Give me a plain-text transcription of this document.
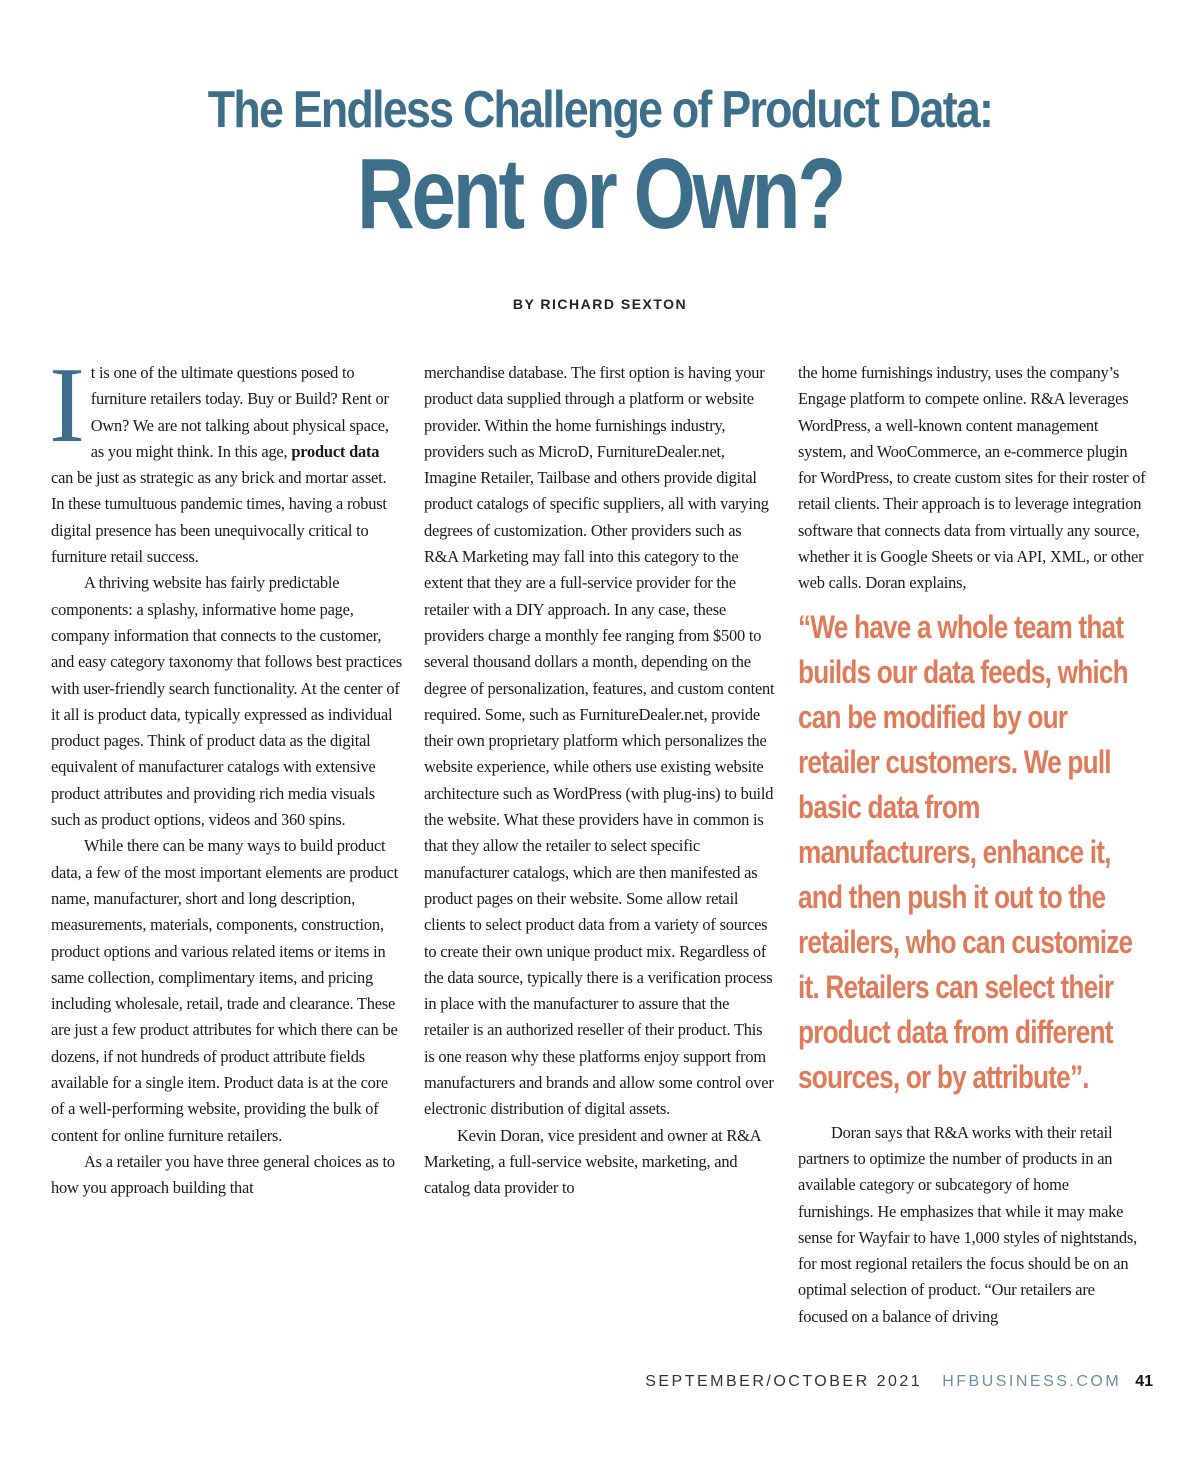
The Endless Challenge of Product Data:
Rent or Own?
BY RICHARD SEXTON

It is one of the ultimate questions posed to furniture retailers today. Buy or Build? Rent or Own? We are not talking about physical space, as you might think. In this age, product data can be just as strategic as any brick and mortar asset. In these tumultuous pandemic times, having a robust digital presence has been unequivocally critical to furniture retail success.

A thriving website has fairly predictable components: a splashy, informative home page, company information that connects to the customer, and easy category taxonomy that follows best practices with user-friendly search functionality. At the center of it all is product data, typically expressed as individual product pages. Think of product data as the digital equivalent of manufacturer catalogs with extensive product attributes and providing rich media visuals such as product options, videos and 360 spins.

While there can be many ways to build product data, a few of the most important elements are product name, manufacturer, short and long description, measurements, materials, components, construction, product options and various related items or items in same collection, complimentary items, and pricing including wholesale, retail, trade and clearance. These are just a few product attributes for which there can be dozens, if not hundreds of product attribute fields available for a single item. Product data is at the core of a well-performing website, providing the bulk of content for online furniture retailers.

As a retailer you have three general choices as to how you approach building that

merchandise database. The first option is having your product data supplied through a platform or website provider. Within the home furnishings industry, providers such as MicroD, FurnitureDealer.net, Imagine Retailer, Tailbase and others provide digital product catalogs of specific suppliers, all with varying degrees of customization. Other providers such as R&A Marketing may fall into this category to the extent that they are a full-service provider for the retailer with a DIY approach. In any case, these providers charge a monthly fee ranging from $500 to several thousand dollars a month, depending on the degree of personalization, features, and custom content required. Some, such as FurnitureDealer.net, provide their own proprietary platform which personalizes the website experience, while others use existing website architecture such as WordPress (with plug-ins) to build the website. What these providers have in common is that they allow the retailer to select specific manufacturer catalogs, which are then manifested as product pages on their website. Some allow retail clients to select product data from a variety of sources to create their own unique product mix. Regardless of the data source, typically there is a verification process in place with the manufacturer to assure that the retailer is an authorized reseller of their product. This is one reason why these platforms enjoy support from manufacturers and brands and allow some control over electronic distribution of digital assets.

Kevin Doran, vice president and owner at R&A Marketing, a full-service website, marketing, and catalog data provider to

the home furnishings industry, uses the company’s Engage platform to compete online. R&A leverages WordPress, a well-known content management system, and WooCommerce, an e-commerce plugin for WordPress, to create custom sites for their roster of retail clients. Their approach is to leverage integration software that connects data from virtually any source, whether it is Google Sheets or via API, XML, or other web calls. Doran explains,

“We have a whole team that builds our data feeds, which can be modified by our retailer customers. We pull basic data from manufacturers, enhance it, and then push it out to the retailers, who can customize it. Retailers can select their product data from different sources, or by attribute”.

Doran says that R&A works with their retail partners to optimize the number of products in an available category or subcategory of home furnishings. He emphasizes that while it may make sense for Wayfair to have 1,000 styles of nightstands, for most regional retailers the focus should be on an optimal selection of product. “Our retailers are focused on a balance of driving

SEPTEMBER/OCTOBER 2021 HFBUSINESS.COM 41
